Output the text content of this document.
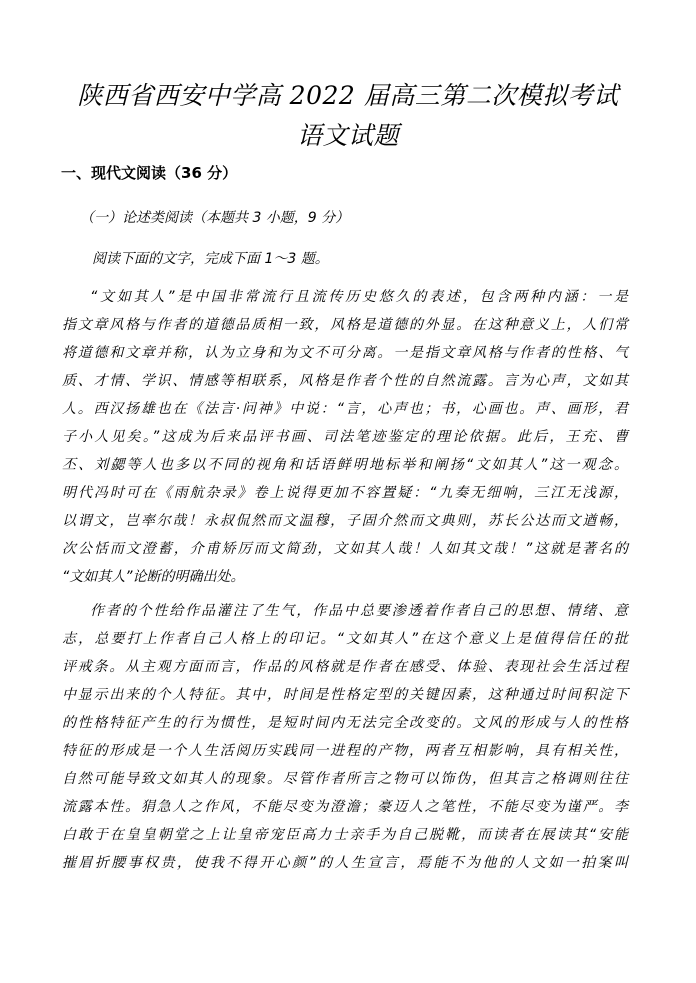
陕西省西安中学高 2022 届高三第二次模拟考试
语文试题
一、现代文阅读（36 分）
（一）论述类阅读（本题共 3 小题，9 分）
阅读下面的文字，完成下面 1～3 题。
“文如其人”是中国非常流行且流传历史悠久的表述，包含两种内涵：一是
指文章风格与作者的道德品质相一致，风格是道德的外显。在这种意义上，人们常
将道德和文章并称，认为立身和为文不可分离。一是指文章风格与作者的性格、气
质、才情、学识、情感等相联系，风格是作者个性的自然流露。言为心声，文如其
人。西汉扬雄也在《法言·问神》中说：“言，心声也；书，心画也。声、画形，君
子小人见矣。”这成为后来品评书画、司法笔迹鉴定的理论依据。此后，王充、曹
丕、刘勰等人也多以不同的视角和话语鲜明地标举和阐扬“文如其人”这一观念。
明代冯时可在《雨航杂录》卷上说得更加不容置疑：“九奏无细响，三江无浅源，
以谓文，岂率尔哉！永叔侃然而文温穆，子固介然而文典则，苏长公达而文遒畅，
次公恬而文澄蓄，介甫矫厉而文简劲，文如其人哉！人如其文哉！”这就是著名的
“文如其人”论断的明确出处。
作者的个性给作品灌注了生气，作品中总要渗透着作者自己的思想、情绪、意
志，总要打上作者自己人格上的印记。“文如其人”在这个意义上是值得信任的批
评戒条。从主观方面而言，作品的风格就是作者在感受、体验、表现社会生活过程
中显示出来的个人特征。其中，时间是性格定型的关键因素，这种通过时间积淀下
的性格特征产生的行为惯性，是短时间内无法完全改变的。文风的形成与人的性格
特征的形成是一个人生活阅历实践同一进程的产物，两者互相影响，具有相关性，
自然可能导致文如其人的现象。尽管作者所言之物可以饰伪，但其言之格调则往往
流露本性。狷急人之作风，不能尽变为澄澹；豪迈人之笔性，不能尽变为谨严。李
白敢于在皇皇朝堂之上让皇帝宠臣高力士亲手为自己脱靴，而读者在展读其“安能
摧眉折腰事权贵，使我不得开心颜”的人生宣言，焉能不为他的人文如一拍案叫
